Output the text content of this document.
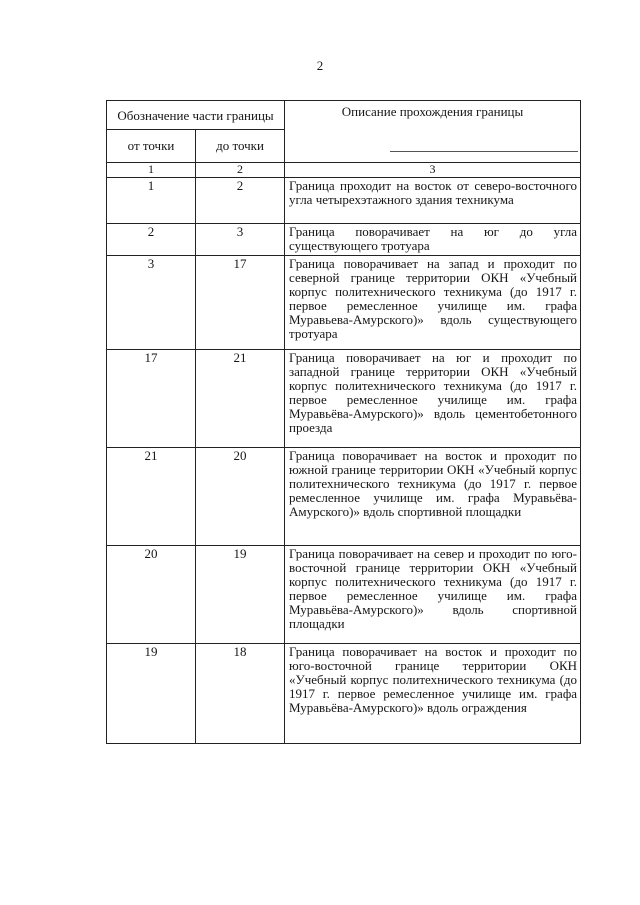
2
Обозначение части границы		Описание прохождения границы

от точки	до точки	
1	2	3
1	2	Граница проходит на восток от северо-восточного угла четырехэтажного здания техникума
2	3	Граница поворачивает на юг до угла существующего тротуара
3	17	Граница поворачивает на запад и проходит по северной границе территории ОКН «Учебный корпус политехнического техникума (до 1917 г. первое ремесленное училище им. графа Муравьева-Амурского)» вдоль существующего тротуара
17	21	Граница поворачивает на юг и проходит по западной границе территории ОКН «Учебный корпус политехнического техникума (до 1917 г. первое ремесленное училище им. графа Муравьёва-Амурского)» вдоль цементобетонного проезда
21	20	Граница поворачивает на восток и проходит по южной границе территории ОКН «Учебный корпус политехнического техникума (до 1917 г. первое ремесленное училище им. графа Муравьёва-Амурского)» вдоль спортивной площадки
20	19	Граница поворачивает на север и проходит по юго-восточной границе территории ОКН «Учебный корпус политехнического техникума (до 1917 г. первое ремесленное училище им. графа Муравьёва-Амурского)» вдоль спортивной площадки
19	18	Граница поворачивает на восток и проходит по юго-восточной границе территории ОКН «Учебный корпус политехнического техникума (до 1917 г. первое ремесленное училище им. графа Муравьёва-Амурского)» вдоль ограждения
